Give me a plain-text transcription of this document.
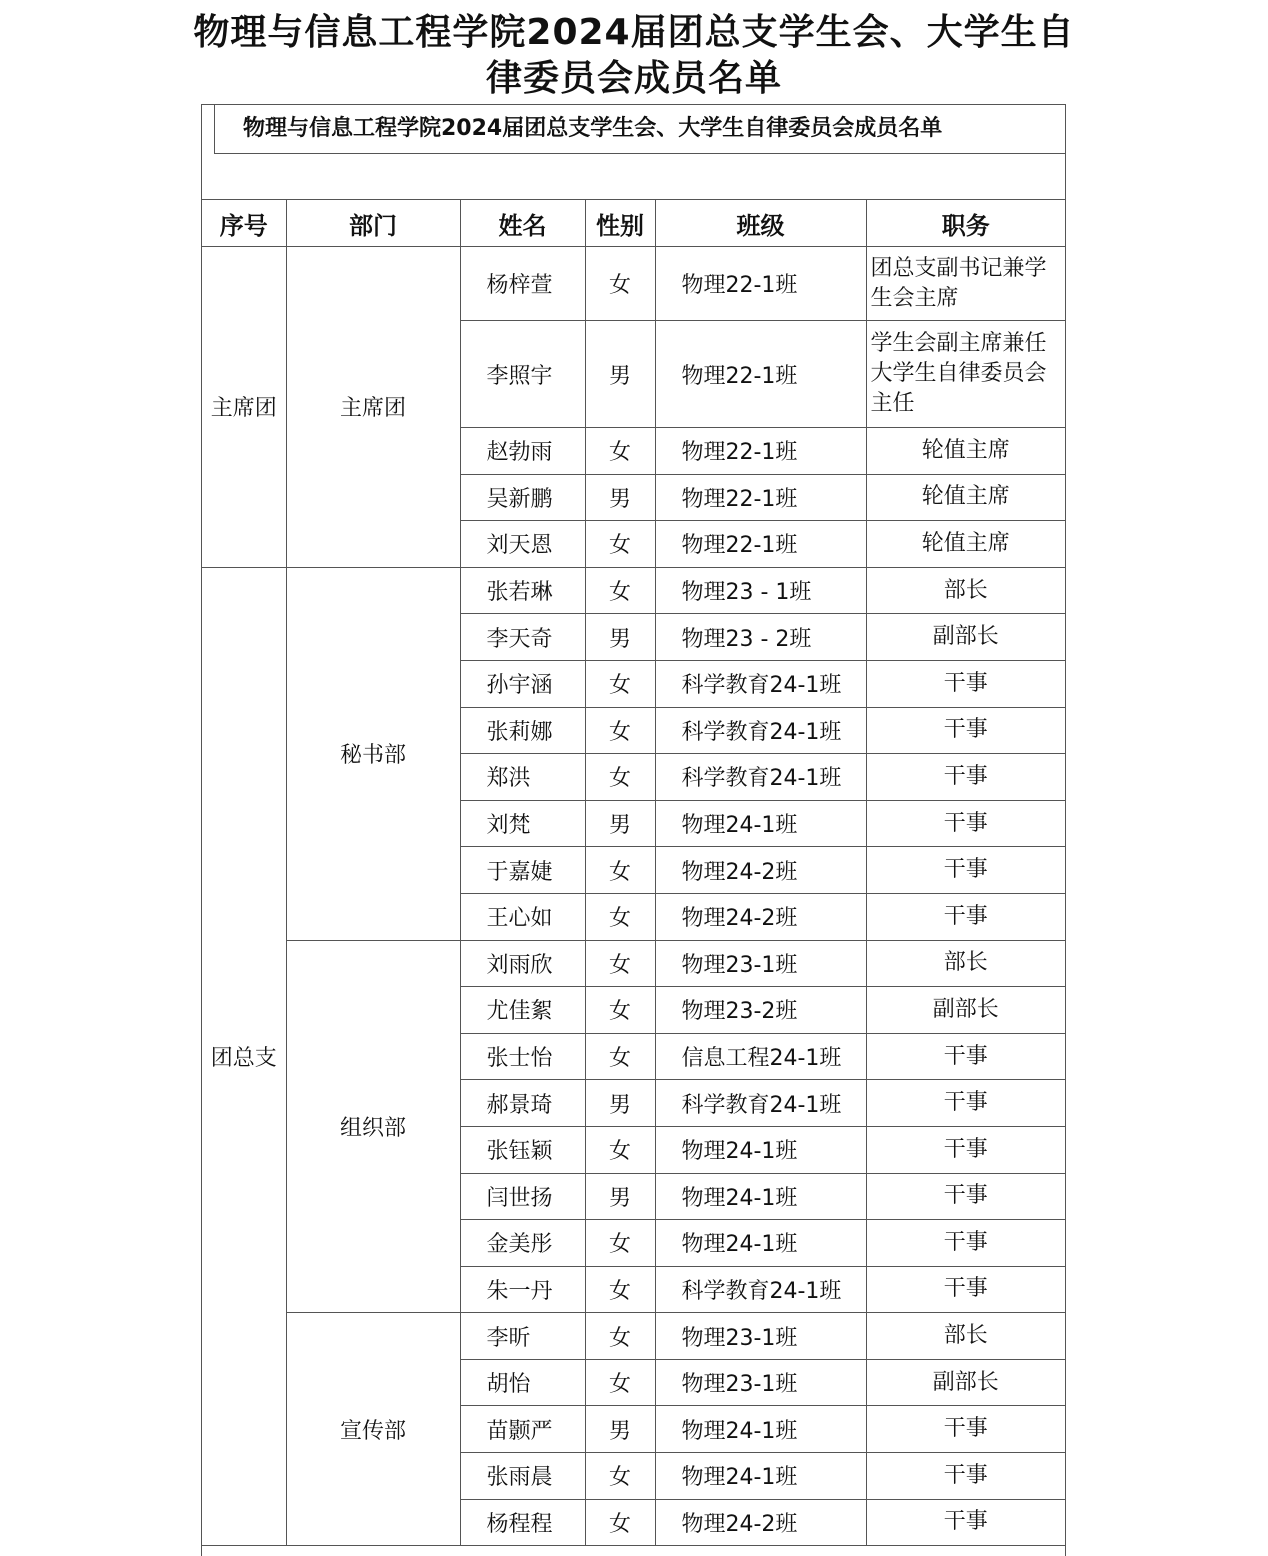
物理与信息工程学院2024届团总支学生会、大学生自
律委员会成员名单
物理与信息工程学院2024届团总支学生会、大学生自律委员会成员名单
序号	部门	姓名	性别	班级	职务
主席团	主席团	杨梓萱	女	物理22-1班	团总支副书记兼学生会主席
		李照宇	男	物理22-1班	学生会副主席兼任大学生自律委员会主任
		赵勃雨	女	物理22-1班	轮值主席
		吴新鹏	男	物理22-1班	轮值主席
		刘天恩	女	物理22-1班	轮值主席
团总支	秘书部	张若琳	女	物理23 - 1班	部长
		李天奇	男	物理23 - 2班	副部长
		孙宇涵	女	科学教育24-1班	干事
		张莉娜	女	科学教育24-1班	干事
		郑洪	女	科学教育24-1班	干事
		刘梵	男	物理24-1班	干事
		于嘉婕	女	物理24-2班	干事
		王心如	女	物理24-2班	干事
	组织部	刘雨欣	女	物理23-1班	部长
		尤佳絮	女	物理23-2班	副部长
		张士怡	女	信息工程24-1班	干事
		郝景琦	男	科学教育24-1班	干事
		张钰颖	女	物理24-1班	干事
		闫世扬	男	物理24-1班	干事
		金美彤	女	物理24-1班	干事
		朱一丹	女	科学教育24-1班	干事
	宣传部	李昕	女	物理23-1班	部长
		胡怡	女	物理23-1班	副部长
		苗颢严	男	物理24-1班	干事
		张雨晨	女	物理24-1班	干事
		杨程程	女	物理24-2班	干事
